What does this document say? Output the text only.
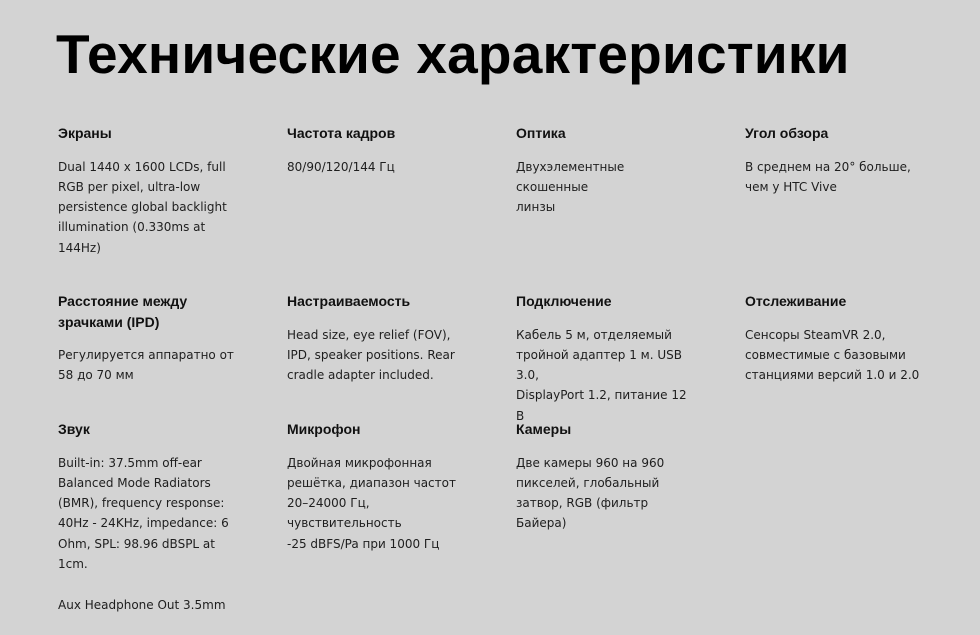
Технические характеристики
Экраны

Dual 1440 x 1600 LCDs, full
RGB per pixel, ultra-low
persistence global backlight
illumination (0.330ms at
144Hz)

Частота кадров

80/90/120/144 Гц

Оптика

Двухэлементные скошенные
линзы

Угол обзора

В среднем на 20° больше,
чем у HTC Vive

Расстояние между
зрачками (IPD)

Регулируется аппаратно от
58 до 70 мм

Настраиваемость

Head size, eye relief (FOV),
IPD, speaker positions. Rear
cradle adapter included.

Подключение

Кабель 5 м, отделяемый
тройной адаптер 1 м. USB 3.0,
DisplayPort 1.2, питание 12 В

Отслеживание

Сенсоры SteamVR 2.0,
совместимые с базовыми
станциями версий 1.0 и 2.0

Звук

Built-in: 37.5mm off-ear
Balanced Mode Radiators
(BMR), frequency response:
40Hz - 24KHz, impedance: 6
Ohm, SPL: 98.96 dBSPL at
1cm.

Aux Headphone Out 3.5mm

Микрофон

Двойная микрофонная
решётка, диапазон частот
20–24000 Гц,
чувствительность
-25 dBFS/Pa при 1000 Гц

Камеры

Две камеры 960 на 960
пикселей, глобальный
затвор, RGB (фильтр Байера)
